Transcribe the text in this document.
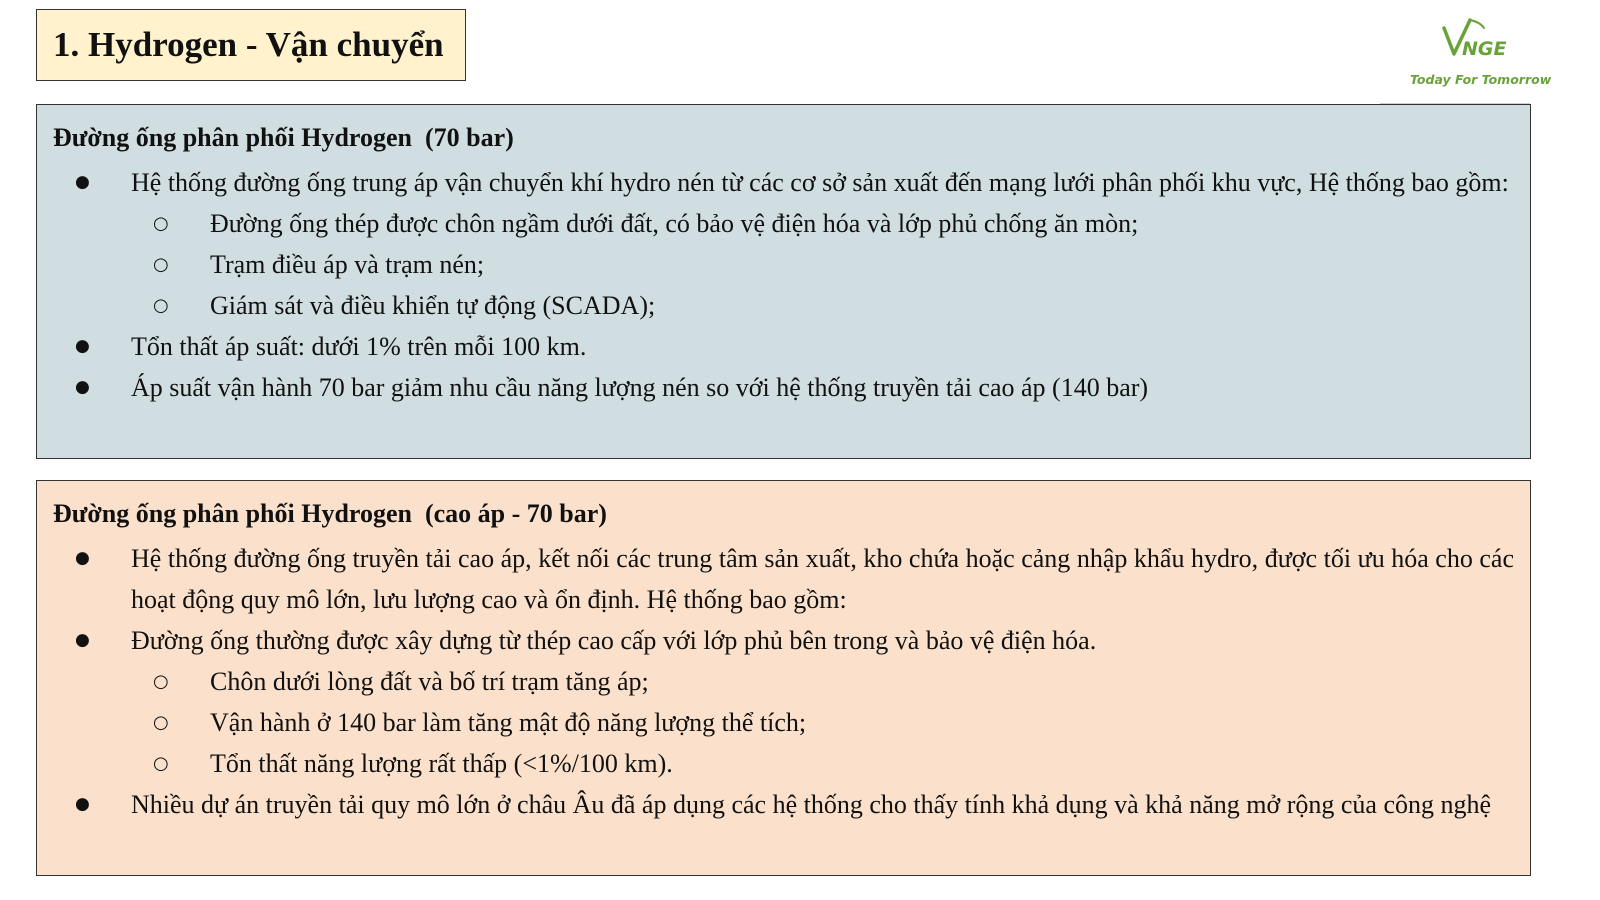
1. Hydrogen - Vận chuyển	NGE
Today For Tomorrow
Đường ống phân phối Hydrogen  (70 bar)
● Hệ thống đường ống trung áp vận chuyển khí hydro nén từ các cơ sở sản xuất đến mạng lưới phân phối khu vực, Hệ thống bao gồm:
○ Đường ống thép được chôn ngầm dưới đất, có bảo vệ điện hóa và lớp phủ chống ăn mòn;
○ Trạm điều áp và trạm nén;
○ Giám sát và điều khiển tự động (SCADA);
● Tổn thất áp suất: dưới 1% trên mỗi 100 km.
● Áp suất vận hành 70 bar giảm nhu cầu năng lượng nén so với hệ thống truyền tải cao áp (140 bar)
Đường ống phân phối Hydrogen  (cao áp - 70 bar)
● Hệ thống đường ống truyền tải cao áp, kết nối các trung tâm sản xuất, kho chứa hoặc cảng nhập khẩu hydro, được tối ưu hóa cho các hoạt động quy mô lớn, lưu lượng cao và ổn định. Hệ thống bao gồm:
● Đường ống thường được xây dựng từ thép cao cấp với lớp phủ bên trong và bảo vệ điện hóa.
○ Chôn dưới lòng đất và bố trí trạm tăng áp;
○ Vận hành ở 140 bar làm tăng mật độ năng lượng thể tích;
○ Tổn thất năng lượng rất thấp (<1%/100 km).
● Nhiều dự án truyền tải quy mô lớn ở châu Âu đã áp dụng các hệ thống cho thấy tính khả dụng và khả năng mở rộng của công nghệ
